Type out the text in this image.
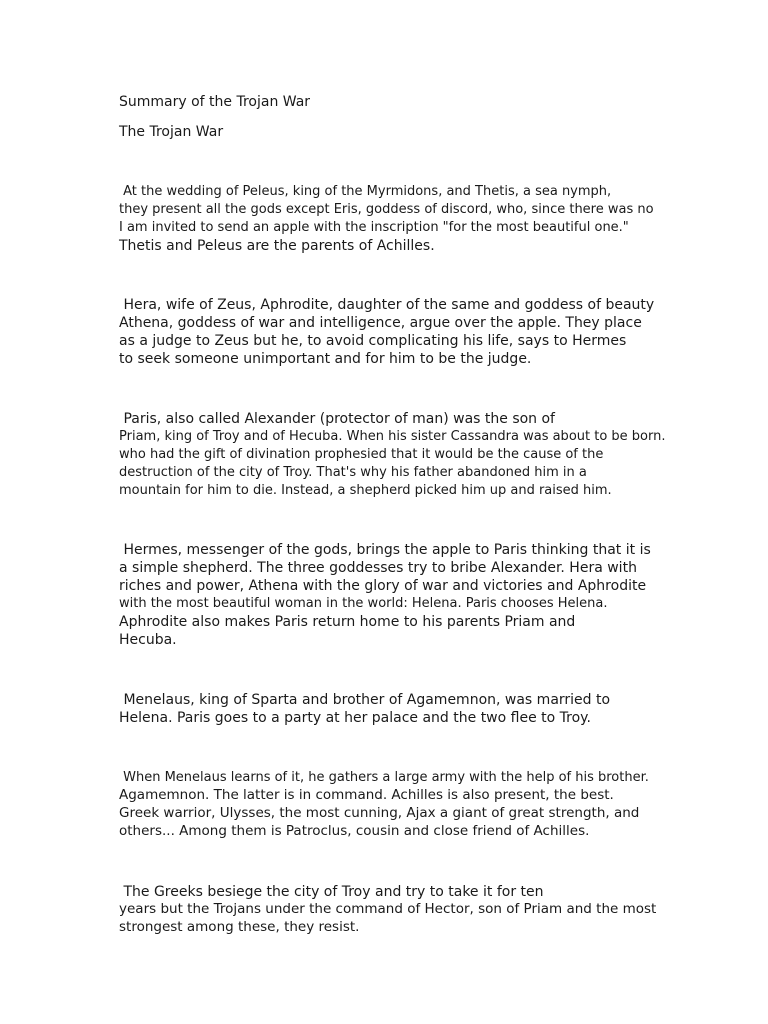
Summary of the Trojan War
The Trojan War
At the wedding of Peleus, king of the Myrmidons, and Thetis, a sea nymph,
they present all the gods except Eris, goddess of discord, who, since there was no
I am invited to send an apple with the inscription "for the most beautiful one."
Thetis and Peleus are the parents of Achilles.
Hera, wife of Zeus, Aphrodite, daughter of the same and goddess of beauty
Athena, goddess of war and intelligence, argue over the apple. They place
as a judge to Zeus but he, to avoid complicating his life, says to Hermes
to seek someone unimportant and for him to be the judge.
Paris, also called Alexander (protector of man) was the son of
Priam, king of Troy and of Hecuba. When his sister Cassandra was about to be born.
who had the gift of divination prophesied that it would be the cause of the
destruction of the city of Troy. That's why his father abandoned him in a
mountain for him to die. Instead, a shepherd picked him up and raised him.
Hermes, messenger of the gods, brings the apple to Paris thinking that it is
a simple shepherd. The three goddesses try to bribe Alexander. Hera with
riches and power, Athena with the glory of war and victories and Aphrodite
with the most beautiful woman in the world: Helena. Paris chooses Helena.
Aphrodite also makes Paris return home to his parents Priam and
Hecuba.
Menelaus, king of Sparta and brother of Agamemnon, was married to
Helena. Paris goes to a party at her palace and the two flee to Troy.
When Menelaus learns of it, he gathers a large army with the help of his brother.
Agamemnon. The latter is in command. Achilles is also present, the best.
Greek warrior, Ulysses, the most cunning, Ajax a giant of great strength, and
others... Among them is Patroclus, cousin and close friend of Achilles.
The Greeks besiege the city of Troy and try to take it for ten
years but the Trojans under the command of Hector, son of Priam and the most
strongest among these, they resist.
